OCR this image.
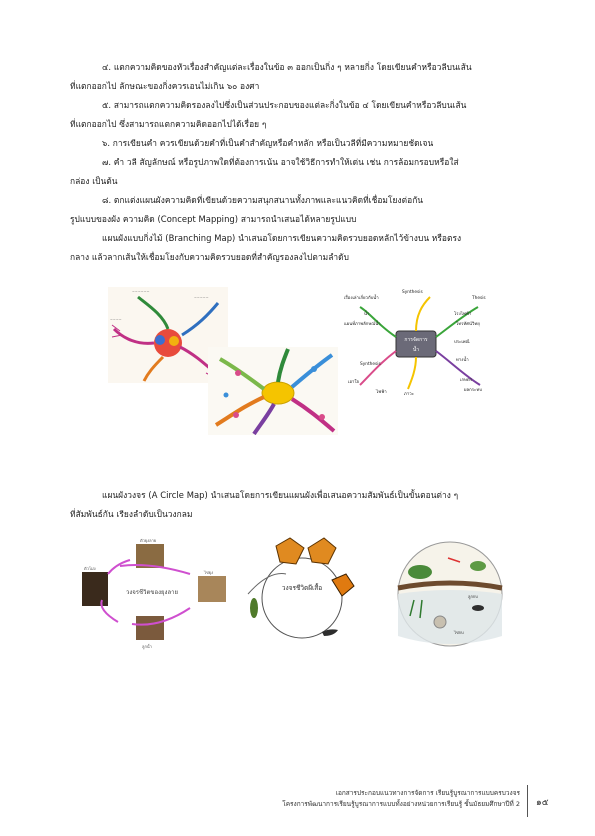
๔. แตกความคิดของหัวเรื่องสำคัญแต่ละเรื่องในข้อ ๓ ออกเป็นกิ่ง ๆ หลายกิ่ง โดยเขียนคำหรือวลีบนเส้น

ที่แตกออกไป ลักษณะของกิ่งควรเอนไม่เกิน ๖๐ องศา

๕. สามารถแตกความคิดรองลงไปซึ่งเป็นส่วนประกอบของแต่ละกิ่งในข้อ ๔ โดยเขียนคำหรือวลีบนเส้น

ที่แตกออกไป ซึ่งสามารถแตกความคิดออกไปได้เรื่อย ๆ

๖. การเขียนคำ ควรเขียนด้วยคำที่เป็นคำสำคัญหรือคำหลัก หรือเป็นวลีที่มีความหมายชัดเจน

๗. คำ วลี สัญลักษณ์ หรือรูปภาพใดที่ต้องการเน้น อาจใช้วิธีการทำให้เด่น เช่น การล้อมกรอบหรือใส่

กล่อง เป็นต้น

๘. ตกแต่งแผนผังความคิดที่เขียนด้วยความสนุกสนานทั้งภาพและแนวคิดที่เชื่อมโยงต่อกัน

รูปแบบของผัง ความคิด (Concept Mapping) สามารถนำเสนอได้หลายรูปแบบ

แผนผังแบบกิ่งไม้ (Branching Map) นำเสนอโดยการเขียนความคิดรวบยอดหลักไว้ข้างบน หรือตรง

กลาง แล้วลากเส้นให้เชื่อมโยงกับความคิดรวบยอดที่สำคัญรองลงไปตามลำดับ

~~~~~~
~~~~~
~~~~
การจัดการ
น้ำ
เรื่องเล่าเกี่ยวกับน้ำ
Synthesis
น้ำ
Thesis
โรงไฟฟ้า
โทรทัศน์วิทยุ
แผนที่ภาพลักษณ์น้ำ
ประเพณี
Synthesis
ทางน้ำ
เอาใจ
ภาวะ
เกษตร
ผลกระทบ
ไฟฟ้า

แผนผังวงจร (A Circle Map) นำเสนอโดยการเขียนแผนผังเพื่อเสนอความสัมพันธ์เป็นขั้นตอนต่าง ๆ

ที่สัมพันธ์กัน เรียงลำดับเป็นวงกลม

วงจรชีวิตของยุงลาย
ตัวยุงลาย
ไข่ยุง
ลูกน้ำ
ตัวโม่ง
วงจรชีวิตผีเสื้อ
ลูกกบ
ไข่กบ
เอกสารประกอบแนวทางการจัดการ เรียนรู้บูรณาการแบบครบวงจร
โครงการพัฒนาการเรียนรู้บูรณาการแบบทั้งอย่างหน่วยการเรียนรู้ ชั้นมัธยมศึกษาปีที่ 2 ๑๕
